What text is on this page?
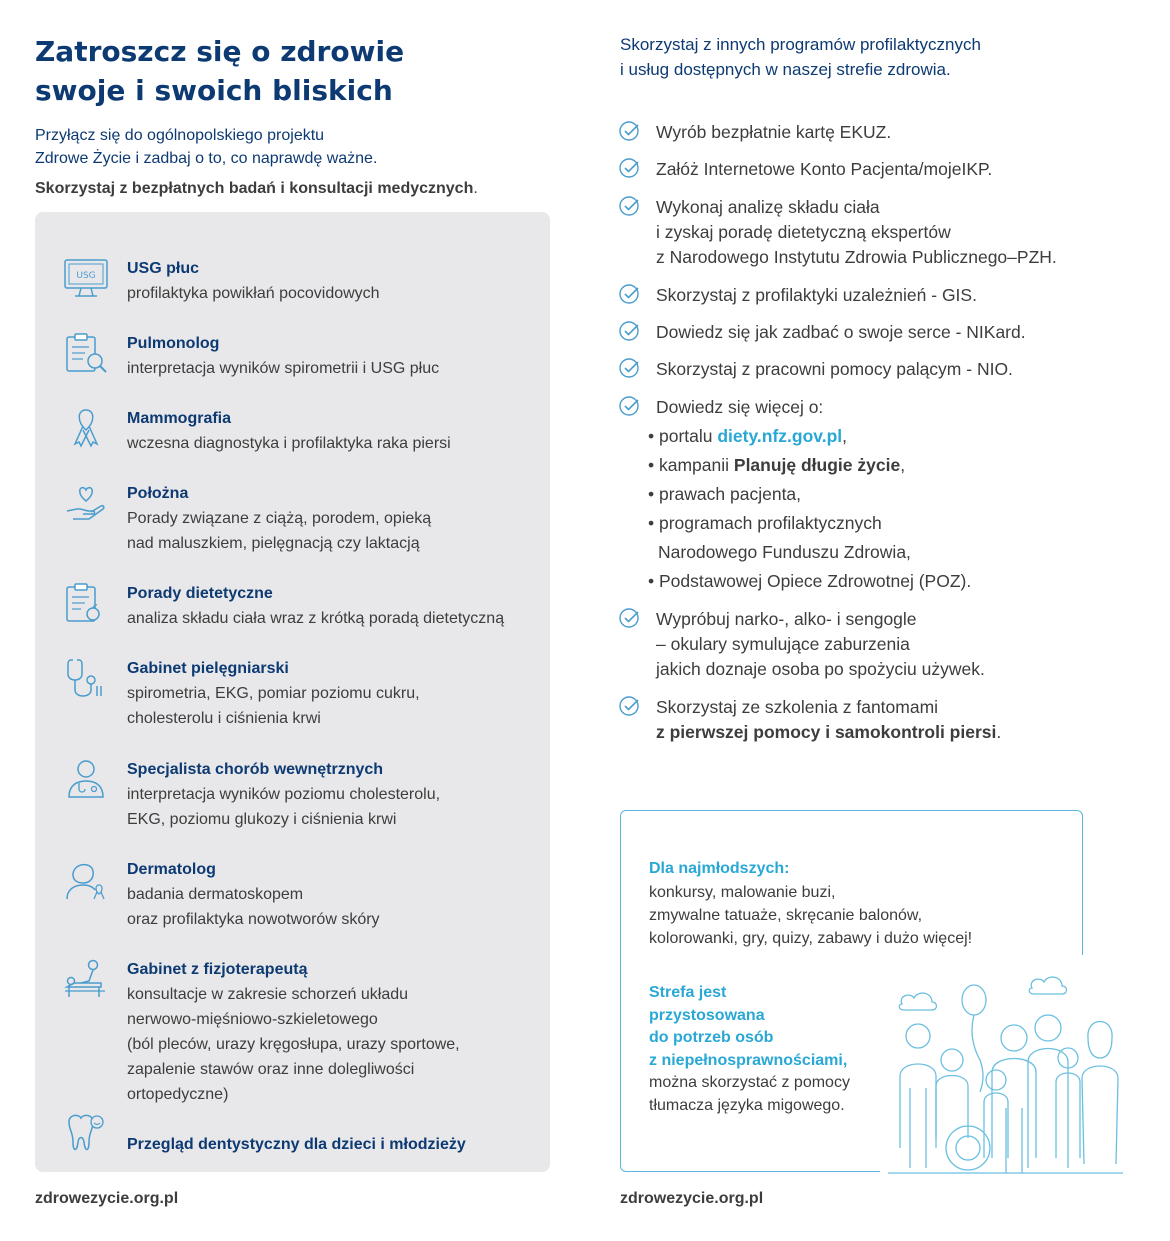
Zatroszcz się o zdrowie
swoje i swoich bliskich
Przyłącz się do ogólnopolskiego projektu
Zdrowe Życie i zadbaj o to, co naprawdę ważne.
Skorzystaj z bezpłatnych badań i konsultacji medycznych.
USG USG płuc
profilaktyka powikłań pocovidowych
Pulmonolog
interpretacja wyników spirometrii i USG płuc
Mammografia
wczesna diagnostyka i profilaktyka raka piersi
Położna
Porady związane z ciążą, porodem, opieką
nad maluszkiem, pielęgnacją czy laktacją
Porady dietetyczne
analiza składu ciała wraz z krótką poradą dietetyczną
Gabinet pielęgniarski
spirometria, EKG, pomiar poziomu cukru,
cholesterolu i ciśnienia krwi
Specjalista chorób wewnętrznych
interpretacja wyników poziomu cholesterolu,
EKG, poziomu glukozy i ciśnienia krwi
Dermatolog
badania dermatoskopem
oraz profilaktyka nowotworów skóry
Gabinet z fizjoterapeutą
konsultacje w zakresie schorzeń układu
nerwowo-mięśniowo-szkieletowego
(ból pleców, urazy kręgosłupa, urazy sportowe,
zapalenie stawów oraz inne dolegliwości
ortopedyczne)
Przegląd dentystyczny dla dzieci i młodzieży
zdrowezycie.org.pl
Skorzystaj z innych programów profilaktycznych
i usług dostępnych w naszej strefie zdrowia.
Wyrób bezpłatnie kartę EKUZ.
Załóż Internetowe Konto Pacjenta/mojeIKP.
Wykonaj analizę składu ciała
i zyskaj poradę dietetyczną ekspertów
z Narodowego Instytutu Zdrowia Publicznego–PZH.
Skorzystaj z profilaktyki uzależnień - GIS.
Dowiedz się jak zadbać o swoje serce - NIKard.
Skorzystaj z pracowni pomocy palącym - NIO.
Dowiedz się więcej o:
• portalu diety.nfz.gov.pl,
• kampanii Planuję długie życie,
• prawach pacjenta,
• programach profilaktycznych
Narodowego Funduszu Zdrowia,
• Podstawowej Opiece Zdrowotnej (POZ).
Wypróbuj narko-, alko- i sengogle
– okulary symulujące zaburzenia
jakich doznaje osoba po spożyciu używek.
Skorzystaj ze szkolenia z fantomami
z pierwszej pomocy i samokontroli piersi.
Dla najmłodszych:
konkursy, malowanie buzi,
zmywalne tatuaże, skręcanie balonów,
kolorowanki, gry, quizy, zabawy i dużo więcej!
Strefa jest
przystosowana
do potrzeb osób
z niepełnosprawnościami,
można skorzystać z pomocy
tłumacza języka migowego.
zdrowezycie.org.pl
